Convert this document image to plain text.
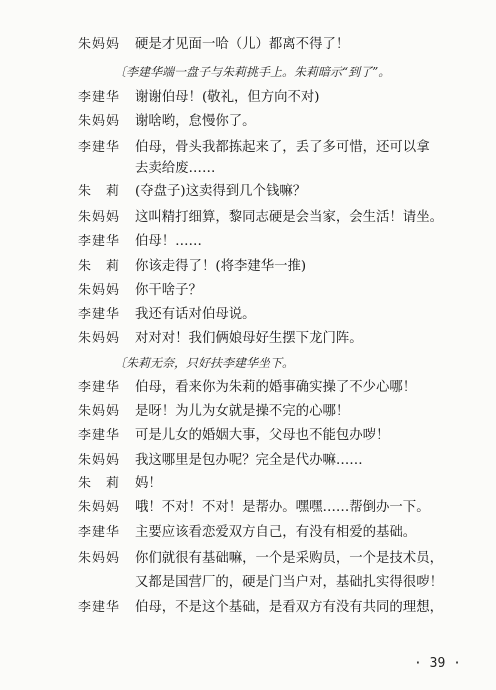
朱妈妈 硬是才见面一哈（儿）都离不得了！
〔李建华端一盘子与朱莉挑手上。朱莉暗示“到了”。
李建华 谢谢伯母！(敬礼，但方向不对)
朱妈妈 谢啥哟，怠慢你了。
李建华 伯母，骨头我都拣起来了，丢了多可惜，还可以拿
去卖给废……
朱　莉 (夺盘子)这卖得到几个钱嘛？
朱妈妈 这叫精打细算，黎同志硬是会当家，会生活！请坐。
李建华 伯母！……
朱　莉 你该走得了！(将李建华一推)
朱妈妈 你干啥子？
李建华 我还有话对伯母说。
朱妈妈 对对对！我们俩娘母好生摆下龙门阵。
〔朱莉无奈，只好扶李建华坐下。
李建华 伯母，看来你为朱莉的婚事确实操了不少心哪！
朱妈妈 是呀！为儿为女就是操不完的心哪！
李建华 可是儿女的婚姻大事，父母也不能包办哕！
朱妈妈 我这哪里是包办呢？完全是代办嘛……
朱　莉 妈！
朱妈妈 哦！不对！不对！是帮办。嘿嘿……帮倒办一下。
李建华 主要应该看恋爱双方自己，有没有相爱的基础。
朱妈妈 你们就很有基础嘛，一个是采购员，一个是技术员，
又都是国营厂的，硬是门当户对，基础扎实得很哕！
李建华 伯母，不是这个基础，是看双方有没有共同的理想，
· 39 ·
